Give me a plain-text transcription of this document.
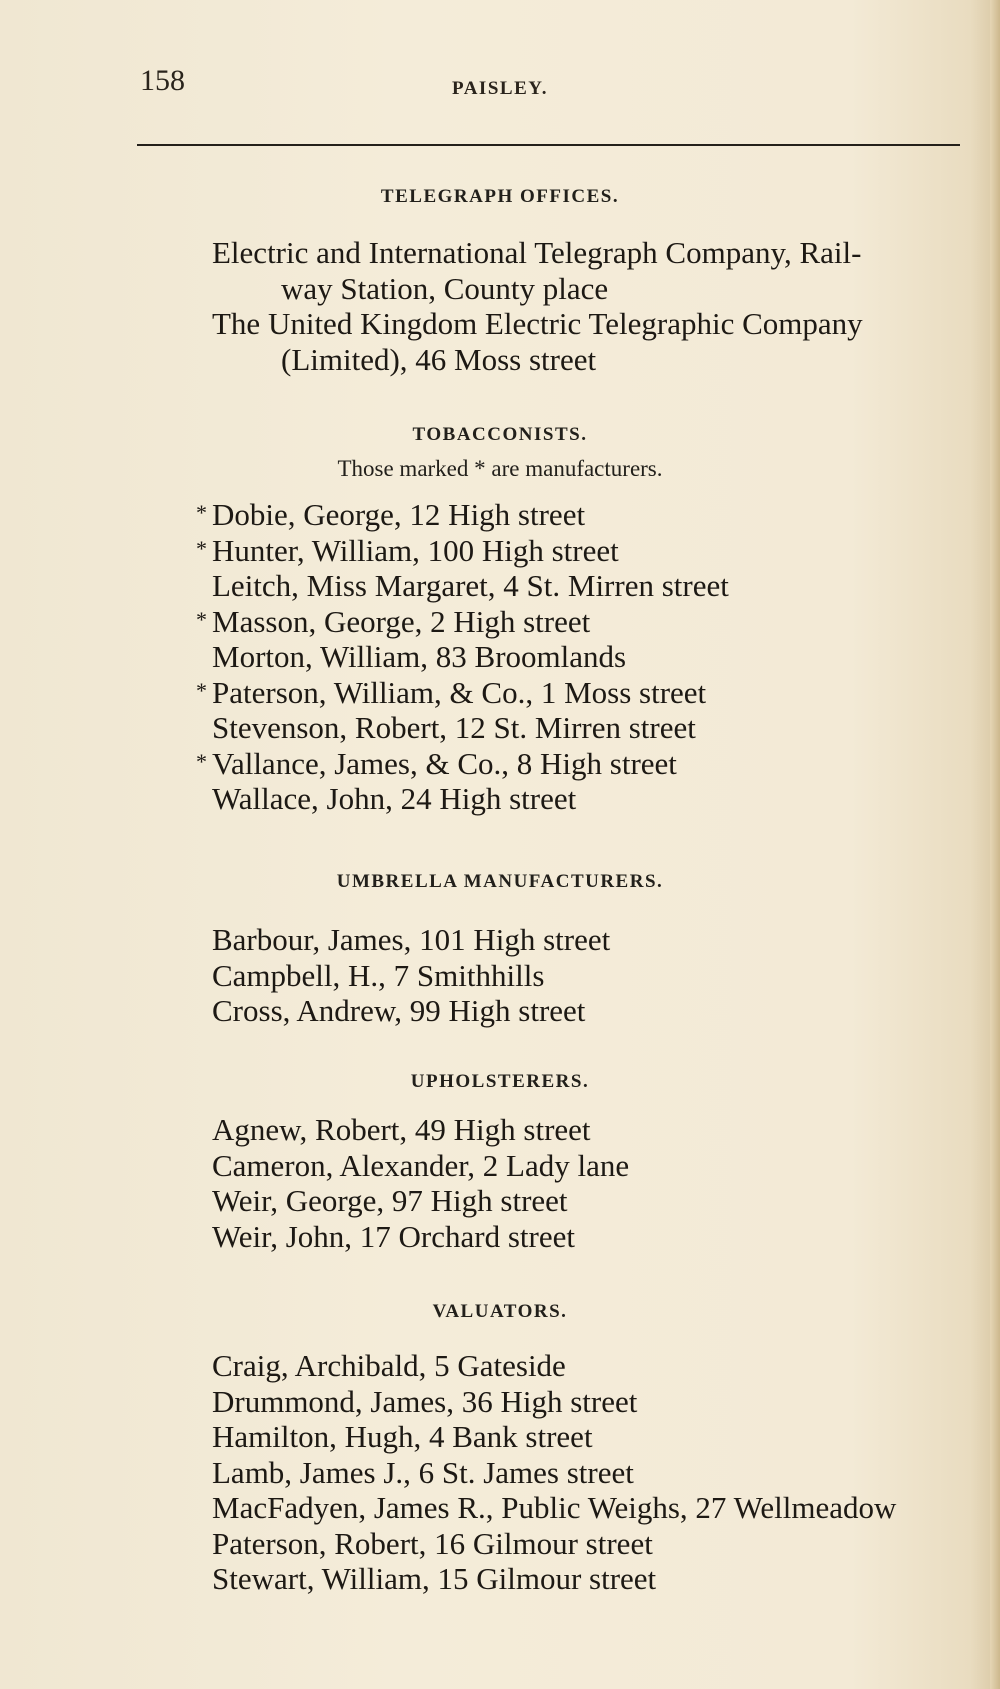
158	PAISLEY.
TELEGRAPH OFFICES.
Electric and International Telegraph Company, Rail-
way Station, County place
The United Kingdom Electric Telegraphic Company
(Limited), 46 Moss street
TOBACCONISTS.

Those marked * are manufacturers.

* Dobie, George, 12 High street
* Hunter, William, 100 High street
Leitch, Miss Margaret, 4 St. Mirren street
* Masson, George, 2 High street
Morton, William, 83 Broomlands
* Paterson, William, & Co., 1 Moss street
Stevenson, Robert, 12 St. Mirren street
* Vallance, James, & Co., 8 High street
Wallace, John, 24 High street
UMBRELLA MANUFACTURERS.
Barbour, James, 101 High street
Campbell, H., 7 Smithhills
Cross, Andrew, 99 High street
UPHOLSTERERS.
Agnew, Robert, 49 High street
Cameron, Alexander, 2 Lady lane
Weir, George, 97 High street
Weir, John, 17 Orchard street
VALUATORS.
Craig, Archibald, 5 Gateside
Drummond, James, 36 High street
Hamilton, Hugh, 4 Bank street
Lamb, James J., 6 St. James street
MacFadyen, James R., Public Weighs, 27 Wellmeadow
Paterson, Robert, 16 Gilmour street
Stewart, William, 15 Gilmour street
